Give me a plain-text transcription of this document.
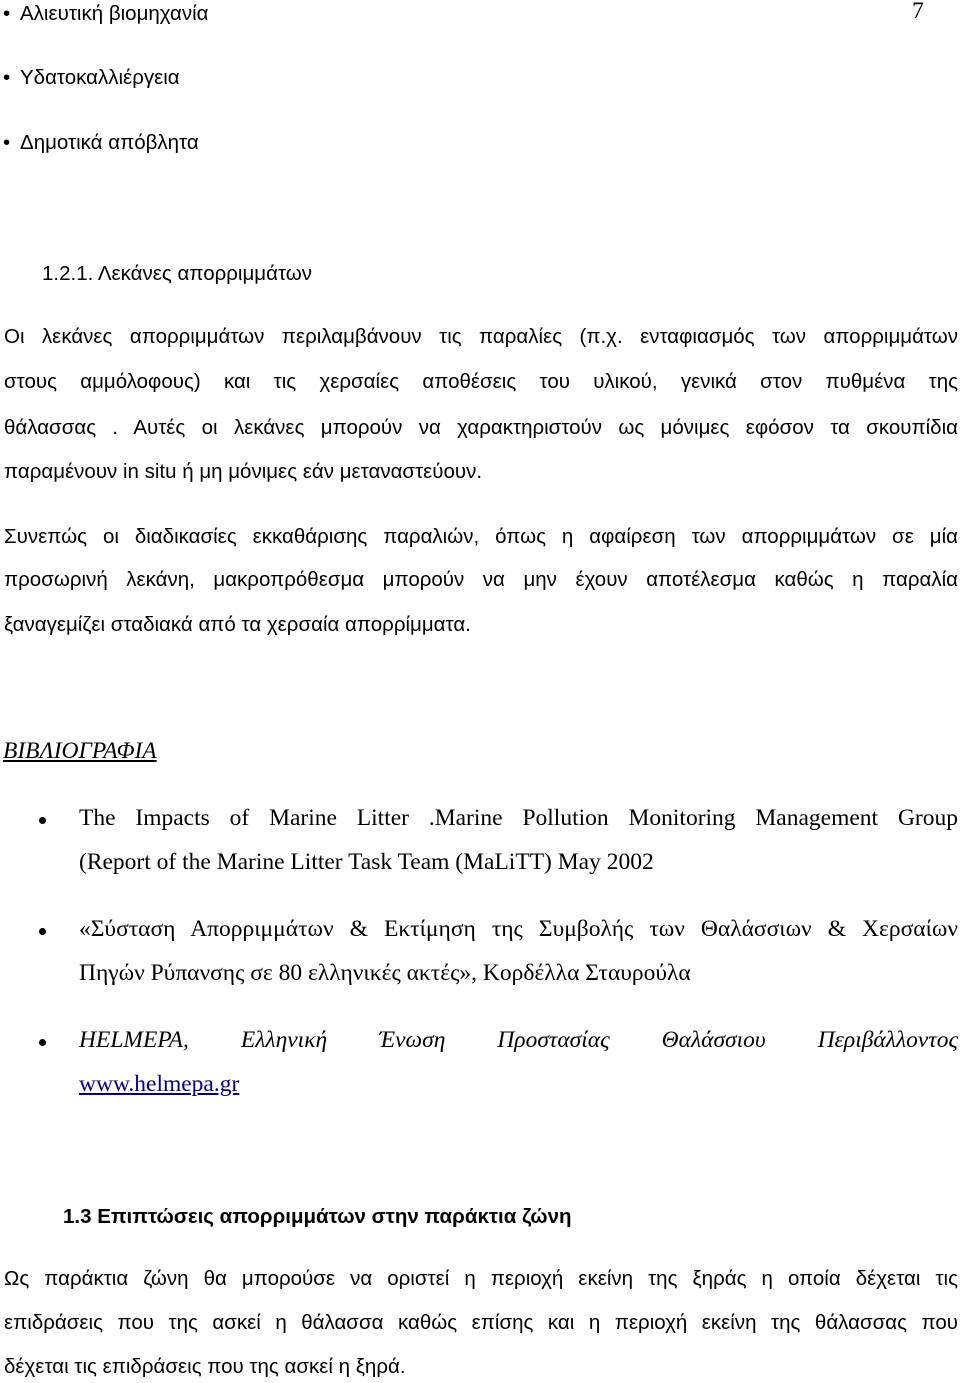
7
• Αλιευτική βιομηχανία
• Υδατοκαλλιέργεια
• Δημοτικά απόβλητα
1.2.1. Λεκάνες απορριμμάτων
Οι λεκάνες απορριμμάτων περιλαμβάνουν τις παραλίες (π.χ. ενταφιασμός των απορριμμάτων
στους αμμόλοφους) και τις χερσαίες αποθέσεις του υλικού, γενικά στον πυθμένα της
θάλασσας . Αυτές οι λεκάνες μπορούν να χαρακτηριστούν ως μόνιμες εφόσον τα σκουπίδια
παραμένουν in situ ή μη μόνιμες εάν μεταναστεύουν.
Συνεπώς οι διαδικασίες εκκαθάρισης παραλιών, όπως η αφαίρεση των απορριμμάτων σε μία
προσωρινή λεκάνη, μακροπρόθεσμα μπορούν να μην έχουν αποτέλεσμα καθώς η παραλία
ξαναγεμίζει σταδιακά από τα χερσαία απορρίμματα.
ΒΙΒΛΙΟΓΡΑΦΙΑ
The Impacts of Marine Litter .Marine Pollution Monitoring Management Group
(Report of the Marine Litter Task Team (MaLiTT) May 2002
«Σύσταση Απορριμμάτων & Εκτίμηση της Συμβολής των Θαλάσσιων & Χερσαίων
Πηγών Ρύπανσης σε 80 ελληνικές ακτές», Κορδέλλα Σταυρούλα
HELMEPA, Ελληνική Ένωση Προστασίας Θαλάσσιου Περιβάλλοντος
www.helmepa.gr
1.3 Επιπτώσεις απορριμμάτων στην παράκτια ζώνη
Ως παράκτια ζώνη θα μπορούσε να οριστεί η περιοχή εκείνη της ξηράς η οποία δέχεται τις
επιδράσεις που της ασκεί η θάλασσα καθώς επίσης και η περιοχή εκείνη της θάλασσας που
δέχεται τις επιδράσεις που της ασκεί η ξηρά.
